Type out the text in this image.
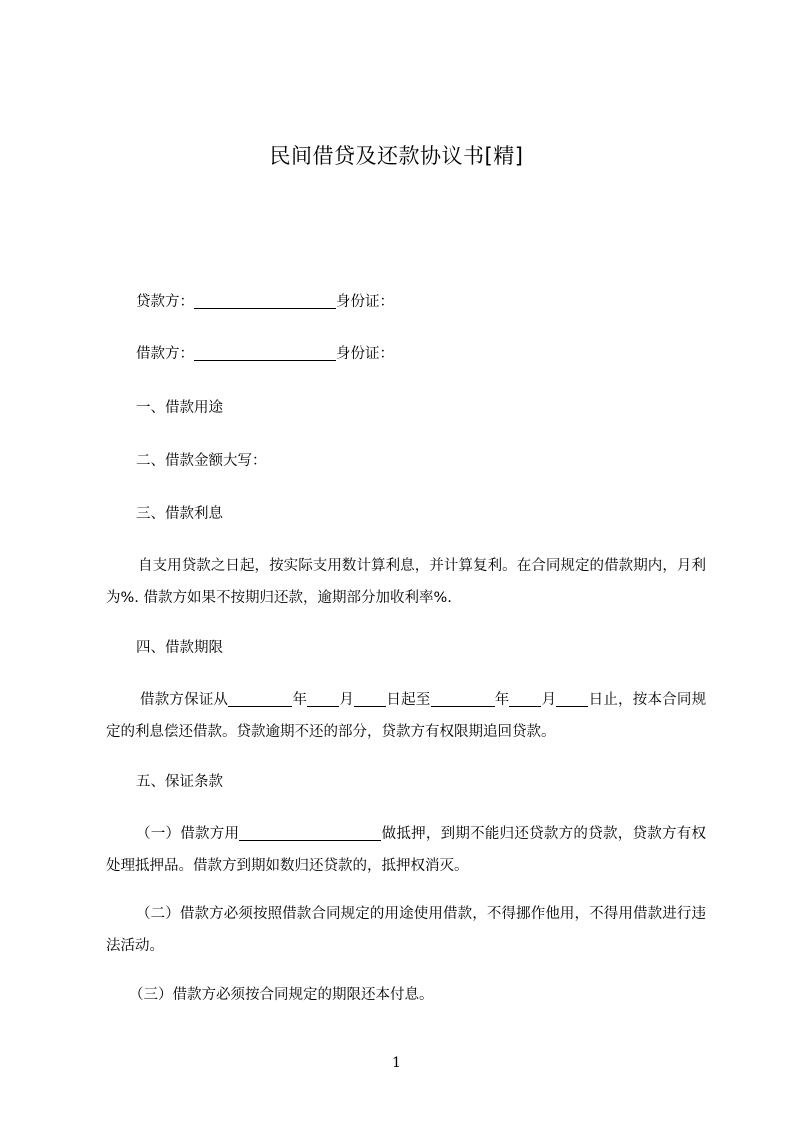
民间借贷及还款协议书[精]
贷款方：	身份证：
借款方：	身份证：
一、借款用途
二、借款金额大写：
三、借款利息
自支用贷款之日起，按实际支用数计算利息，并计算复利。在合同规定的借款期内，月利为%. 借款方如果不按期归还款，逾期部分加收利率%.
四、借款期限
借款方保证从	年 月 日起至	年 月 日止，按本合同规定的利息偿还借款。贷款逾期不还的部分，贷款方有权限期追回贷款。
五、保证条款
（一）借款方用	做抵押，到期不能归还贷款方的贷款，贷款方有权处理抵押品。借款方到期如数归还贷款的，抵押权消灭。
（二）借款方必须按照借款合同规定的用途使用借款，不得挪作他用，不得用借款进行违法活动。
（三）借款方必须按合同规定的期限还本付息。
1
